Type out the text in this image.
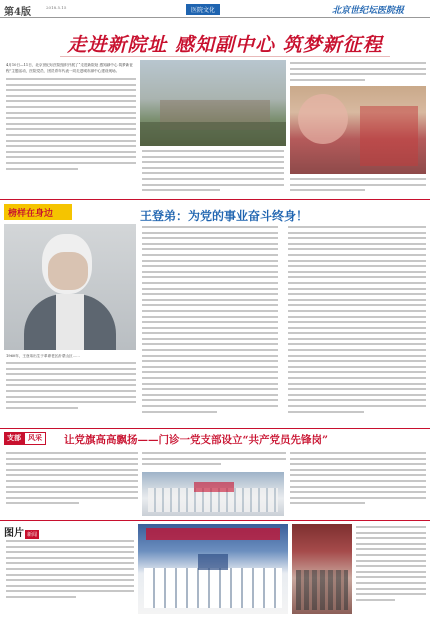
第4版	2018.5.15	医院文化	北京世纪坛医院报
走进新院址 感知副中心 筑梦新征程
4月10日—11日，北京世纪坛医院组织开展了“走进新院址 感知副中心 筑梦新征程”主题活动，医院党员、团员青年代表一同走进城市副中心建设现场。
榜样在身边	王登弟：为党的事业奋斗终身！
1960年，王登弟出生于革命老区沂蒙山区……
支部	风采	让党旗高高飘扬——门诊一党支部设立“共产党员先锋岗”
图片 新闻
